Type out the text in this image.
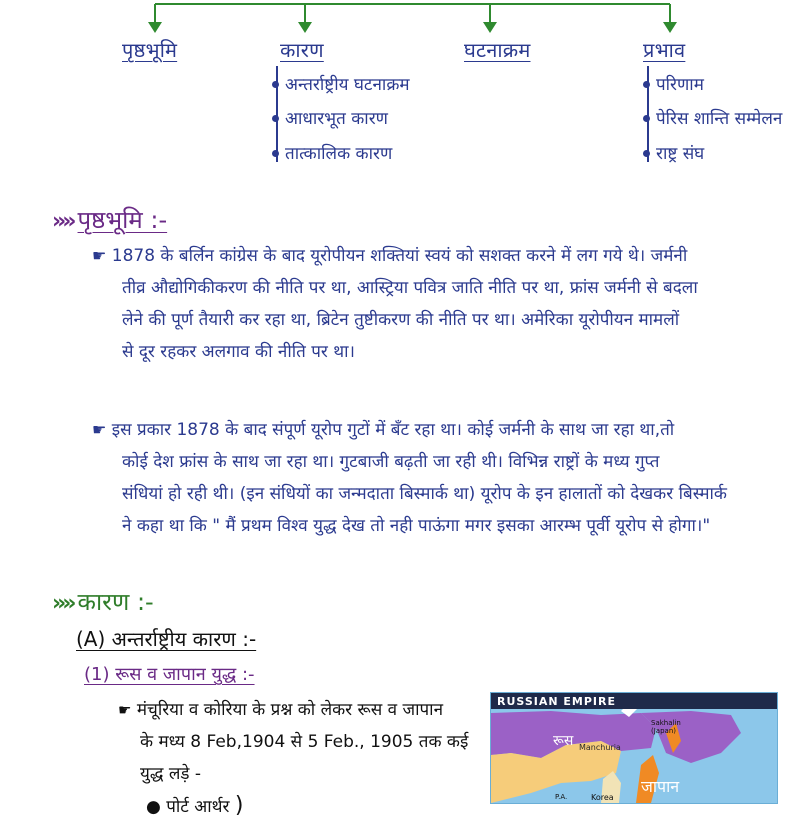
पृष्ठभूमि	कारण	घटनाक्रम	प्रभाव
अन्तर्राष्ट्रीय घटनाक्रम
आधारभूत कारण
तात्कालिक कारण
परिणाम
पेरिस शान्ति सम्मेलन
राष्ट्र संघ
»» पृष्ठभूमि :-
☛ 1878 के बर्लिन कांग्रेस के बाद यूरोपीयन शक्तियां स्वयं को सशक्त करने में लग गये थे। जर्मनी
तीव्र औद्योगिकीकरण की नीति पर था, आस्ट्रिया पवित्र जाति नीति पर था, फ्रांस जर्मनी से बदला
लेने की पूर्ण तैयारी कर रहा था, ब्रिटेन तुष्टीकरण की नीति पर था। अमेरिका यूरोपीयन मामलों
से दूर रहकर अलगाव की नीति पर था।
☛ इस प्रकार 1878 के बाद संपूर्ण यूरोप गुटों में बँट रहा था। कोई जर्मनी के साथ जा रहा था,तो
कोई देश फ्रांस के साथ जा रहा था। गुटबाजी बढ़ती जा रही थी। विभिन्न राष्ट्रों के मध्य गुप्त
संधियां हो रही थी। (इन संधियों का जन्मदाता बिस्मार्क था) यूरोप के इन हालातों को देखकर बिस्मार्क
ने कहा था कि " मैं प्रथम विश्व युद्ध देख तो नही पाऊंगा मगर इसका आरम्भ पूर्वी यूरोप से होगा।"
»» कारण :-
(A) अन्तर्राष्ट्रीय कारण :-
(1) रूस व जापान युद्ध :-
☛ मंचूरिया व कोरिया के प्रश्न को लेकर रूस व जापान
के मध्य 8 Feb,1904 से 5 Feb., 1905 तक कई युद्ध लड़े -
● पोर्ट आर्थर )
RUSSIAN EMPIRE
रूस
जापान
Manchuria
Korea
Sakhalin
(Japan)
P.A.
